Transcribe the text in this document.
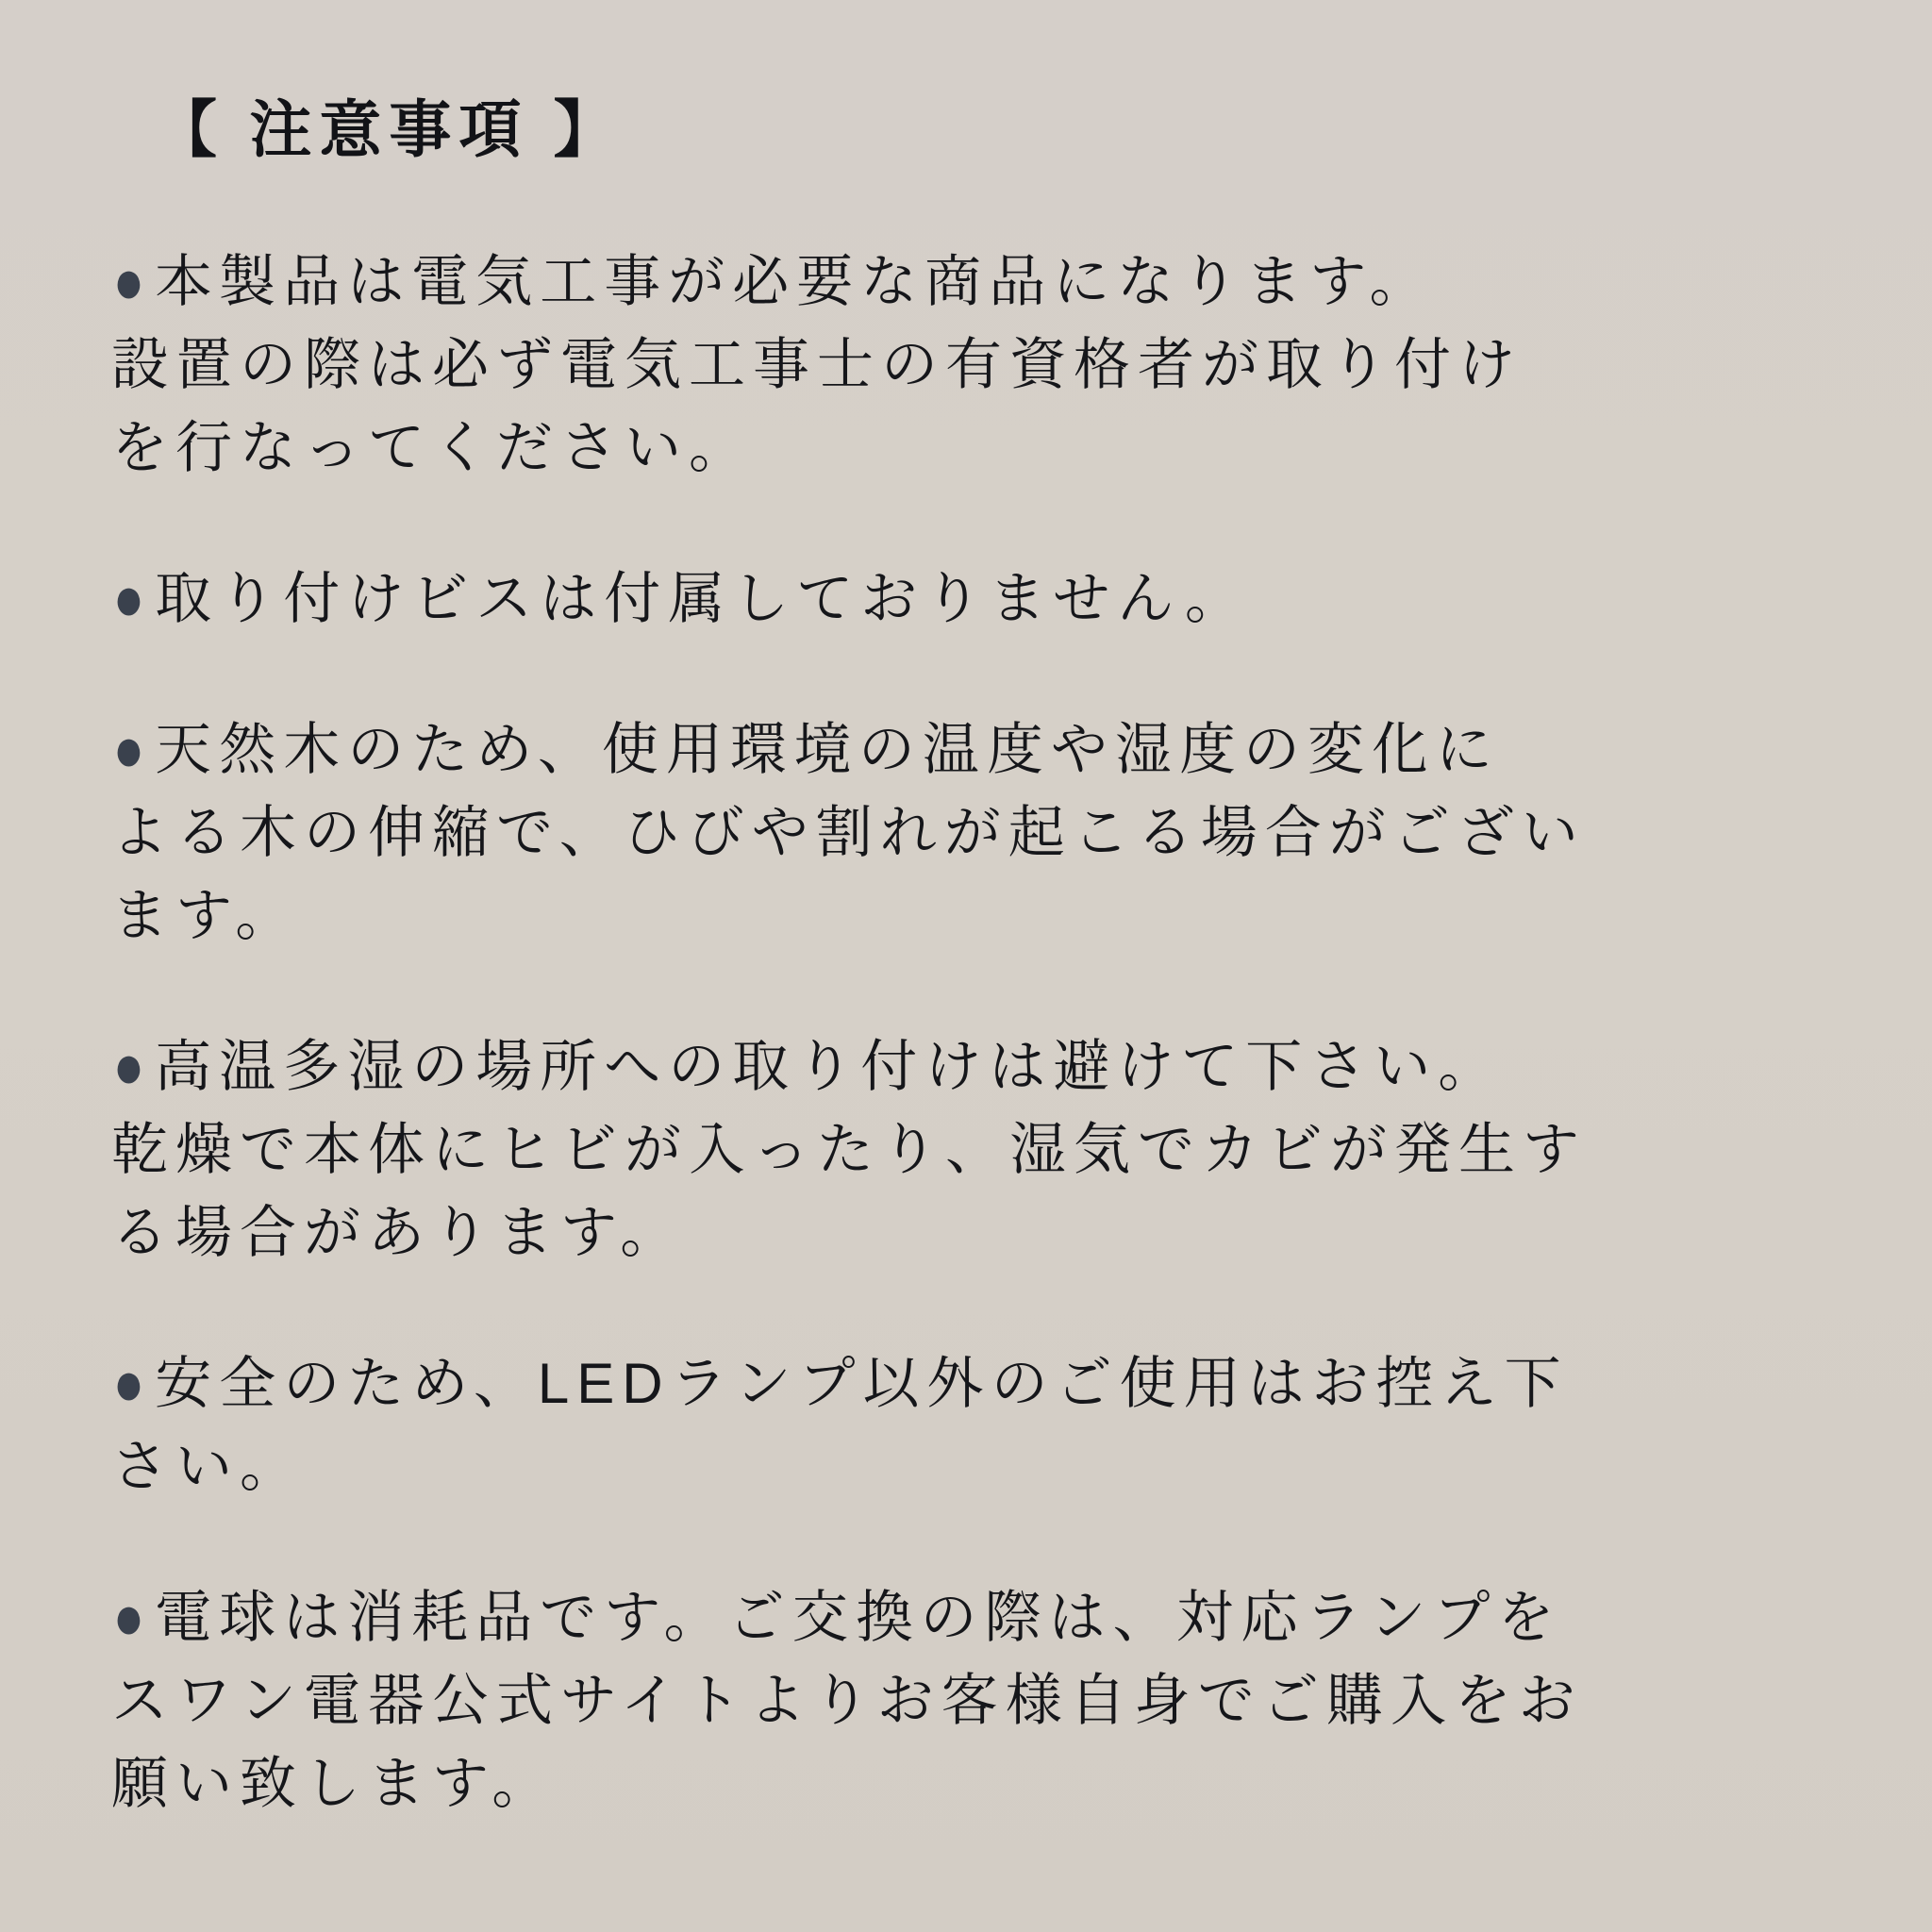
【 注意事項 】
●本製品は電気工事が必要な商品になります。
設置の際は必ず電気工事士の有資格者が取り付け
を行なってください。
●取り付けビスは付属しておりません。
●天然木のため、使用環境の温度や湿度の変化に
よる木の伸縮で、ひびや割れが起こる場合がござい
ます。
●高温多湿の場所への取り付けは避けて下さい。
乾燥で本体にヒビが入ったり、湿気でカビが発生す
る場合があります。
●安全のため、LEDランプ以外のご使用はお控え下
さい。
●電球は消耗品です。ご交換の際は、対応ランプを
スワン電器公式サイトよりお客様自身でご購入をお
願い致します。
